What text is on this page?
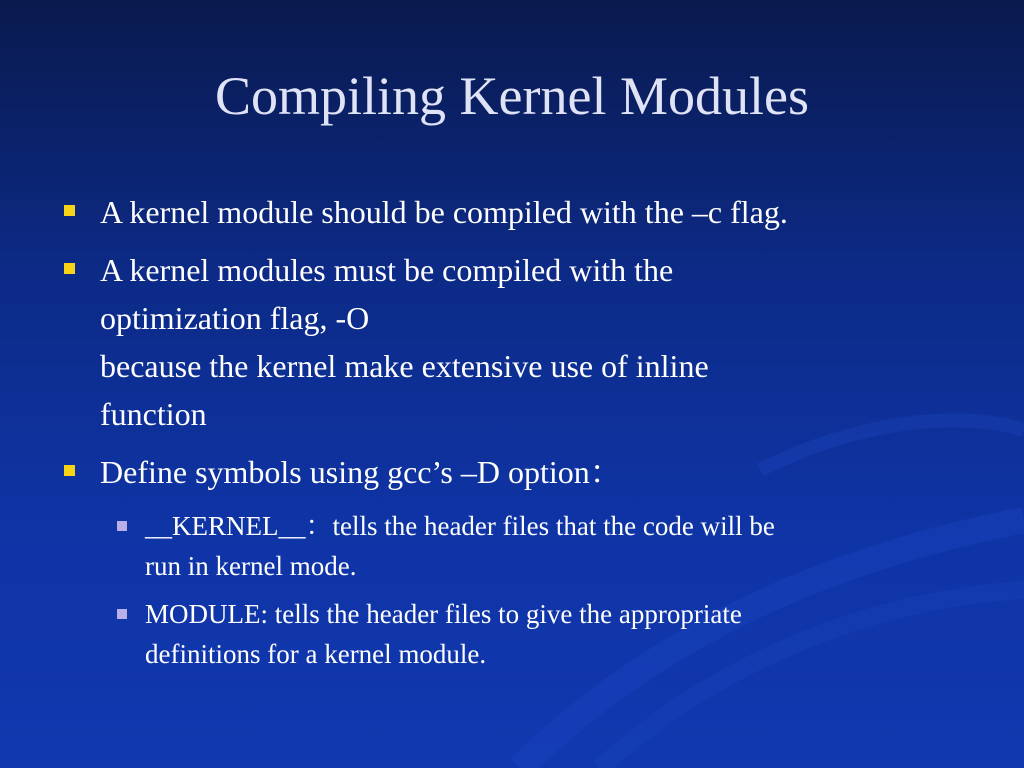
Compiling Kernel Modules
A kernel module should be compiled with the –c flag.
A kernel modules must be compiled with the
optimization flag, -O
because the kernel make extensive use of inline
function
Define symbols using gcc’s –D option：
__KERNEL__：tells the header files that the code will be
run in kernel mode.
MODULE: tells the header files to give the appropriate
definitions for a kernel module.
